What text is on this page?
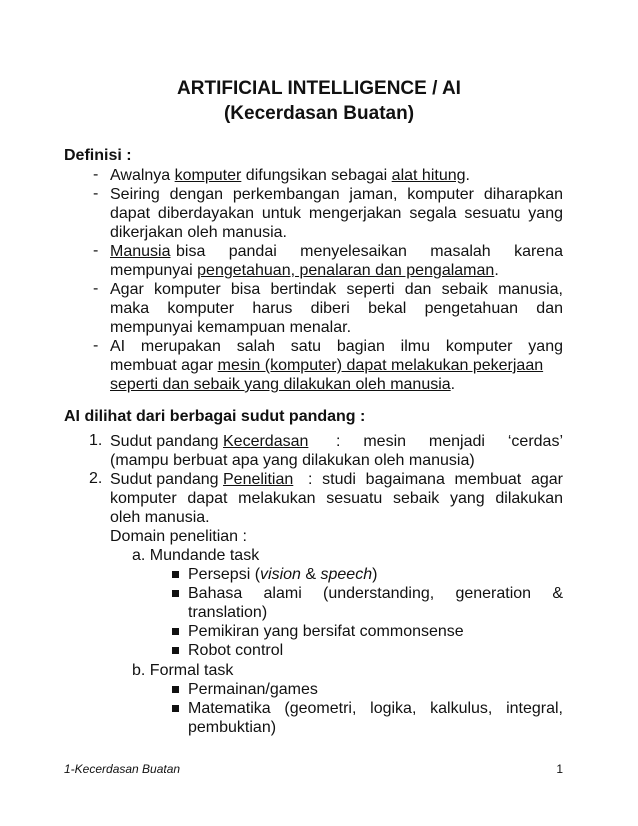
ARTIFICIAL INTELLIGENCE / AI
(Kecerdasan Buatan)
Definisi :
- Awalnya komputer difungsikan sebagai alat hitung.
- Seiring dengan perkembangan jaman, komputer diharapkan
dapat diberdayakan untuk mengerjakan segala sesuatu yang
dikerjakan oleh manusia.
- Manusia bisa pandai menyelesaikan masalah karena
mempunyai pengetahuan, penalaran dan pengalaman.
- Agar komputer bisa bertindak seperti dan sebaik manusia,
maka komputer harus diberi bekal pengetahuan dan
mempunyai kemampuan menalar.
- AI merupakan salah satu bagian ilmu komputer yang
membuat agar mesin (komputer) dapat melakukan pekerjaan
seperti dan sebaik yang dilakukan oleh manusia.
AI dilihat dari berbagai sudut pandang :
1. Sudut pandang Kecerdasan : mesin menjadi ‘cerdas’
(mampu berbuat apa yang dilakukan oleh manusia)
2. Sudut pandang Penelitian : studi bagaimana membuat agar
komputer dapat melakukan sesuatu sebaik yang dilakukan
oleh manusia.
Domain penelitian :
a. Mundande task
Persepsi (vision & speech)
Bahasa alami (understanding, generation &
translation)
Pemikiran yang bersifat commonsense
Robot control
b. Formal task
Permainan/games
Matematika (geometri, logika, kalkulus, integral,
pembuktian)
1-Kecerdasan Buatan	1
